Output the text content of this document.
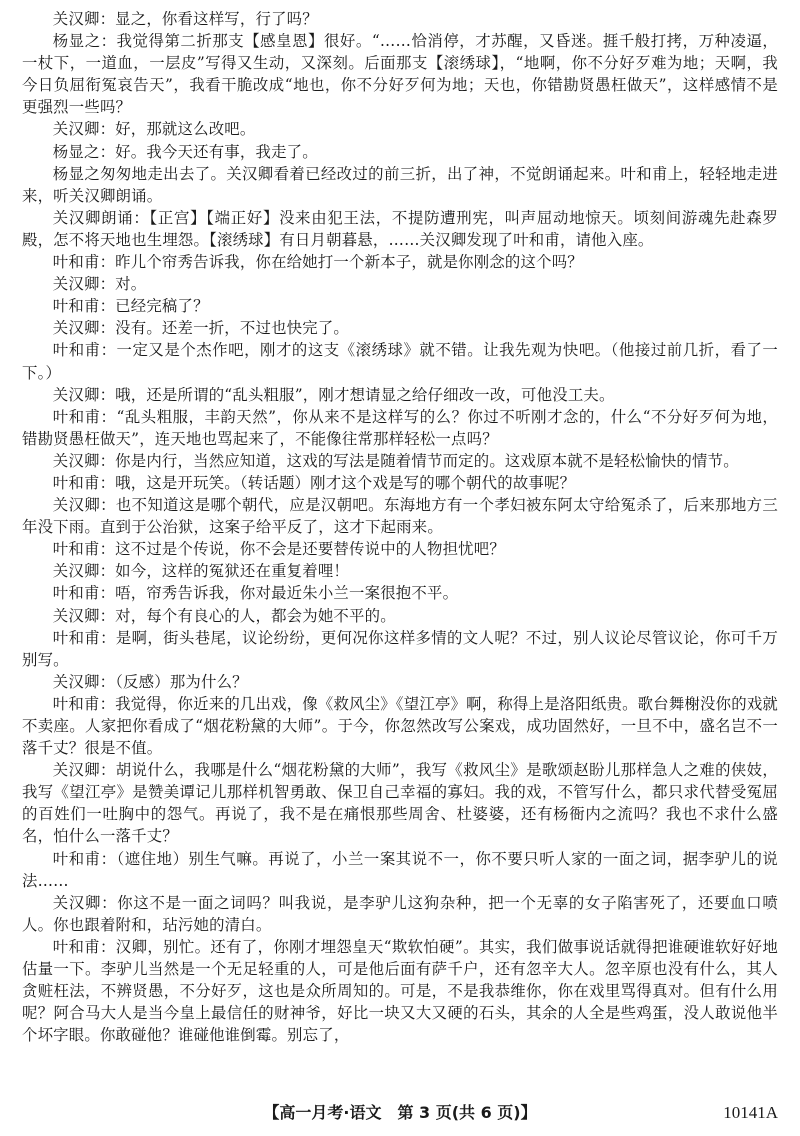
关汉卿：显之，你看这样写，行了吗？

杨显之：我觉得第二折那支【感皇恩】很好。“……恰消停，才苏醒，又昏迷。捱千般打拷，万种凌逼，一杖下，一道血，一层皮”写得又生动，又深刻。后面那支【滚绣球】，“地啊，你不分好歹难为地；天啊，我今日负屈衔冤哀告天”，我看干脆改成“地也，你不分好歹何为地；天也，你错勘贤愚枉做天”，这样感情不是更强烈一些吗？

关汉卿：好，那就这么改吧。

杨显之：好。我今天还有事，我走了。

杨显之匆匆地走出去了。关汉卿看着已经改过的前三折，出了神，不觉朗诵起来。叶和甫上，轻轻地走进来，听关汉卿朗诵。

关汉卿朗诵：【正宫】【端正好】没来由犯王法，不提防遭刑宪，叫声屈动地惊天。顷刻间游魂先赴森罗殿，怎不将天地也生埋怨。【滚绣球】有日月朝暮悬，……关汉卿发现了叶和甫，请他入座。

叶和甫：昨儿个帘秀告诉我，你在给她打一个新本子，就是你刚念的这个吗？

关汉卿：对。

叶和甫：已经完稿了？

关汉卿：没有。还差一折，不过也快完了。

叶和甫：一定又是个杰作吧，刚才的这支《滚绣球》就不错。让我先观为快吧。（他接过前几折，看了一下。）

关汉卿：哦，还是所谓的“乱头粗服”，刚才想请显之给仔细改一改，可他没工夫。

叶和甫：“乱头粗服，丰韵天然”，你从来不是这样写的么？你过不听刚才念的，什么“不分好歹何为地，错勘贤愚枉做天”，连天地也骂起来了，不能像往常那样轻松一点吗？

关汉卿：你是内行，当然应知道，这戏的写法是随着情节而定的。这戏原本就不是轻松愉快的情节。

叶和甫：哦，这是开玩笑。（转话题）刚才这个戏是写的哪个朝代的故事呢？

关汉卿：也不知道这是哪个朝代，应是汉朝吧。东海地方有一个孝妇被东阿太守给冤杀了，后来那地方三年没下雨。直到于公治狱，这案子给平反了，这才下起雨来。

叶和甫：这不过是个传说，你不会是还要替传说中的人物担忧吧？

关汉卿：如今，这样的冤狱还在重复着哩！

叶和甫：唔，帘秀告诉我，你对最近朱小兰一案很抱不平。

关汉卿：对，每个有良心的人，都会为她不平的。

叶和甫：是啊，街头巷尾，议论纷纷，更何况你这样多情的文人呢？不过，别人议论尽管议论，你可千万别写。

关汉卿：（反感）那为什么？

叶和甫：我觉得，你近来的几出戏，像《救风尘》《望江亭》啊，称得上是洛阳纸贵。歌台舞榭没你的戏就不卖座。人家把你看成了“烟花粉黛的大师”。于今，你忽然改写公案戏，成功固然好，一旦不中，盛名岂不一落千丈？很是不值。

关汉卿：胡说什么，我哪是什么“烟花粉黛的大师”，我写《救风尘》是歌颂赵盼儿那样急人之难的侠妓，我写《望江亭》是赞美谭记儿那样机智勇敢、保卫自己幸福的寡妇。我的戏，不管写什么，都只求代替受冤屈的百姓们一吐胸中的怨气。再说了，我不是在痛恨那些周舍、杜婆婆，还有杨衙内之流吗？我也不求什么盛名，怕什么一落千丈？

叶和甫：（遮住地）别生气嘛。再说了，小兰一案其说不一，你不要只听人家的一面之词，据李驴儿的说法……

关汉卿：你这不是一面之词吗？叫我说，是李驴儿这狗杂种，把一个无辜的女子陷害死了，还要血口喷人。你也跟着附和，玷污她的清白。

叶和甫：汉卿，别忙。还有了，你刚才埋怨皇天“欺软怕硬”。其实，我们做事说话就得把谁硬谁软好好地估量一下。李驴儿当然是一个无足轻重的人，可是他后面有萨千户，还有忽辛大人。忽辛原也没有什么，其人贪赃枉法，不辨贤愚，不分好歹，这也是众所周知的。可是，不是我恭维你，你在戏里骂得真对。但有什么用呢？阿合马大人是当今皇上最信任的财神爷，好比一块又大又硬的石头，其余的人全是些鸡蛋，没人敢说他半个坏字眼。你敢碰他？谁碰他谁倒霉。别忘了，

【高一月考·语文　第 3 页(共 6 页)】	10141A
